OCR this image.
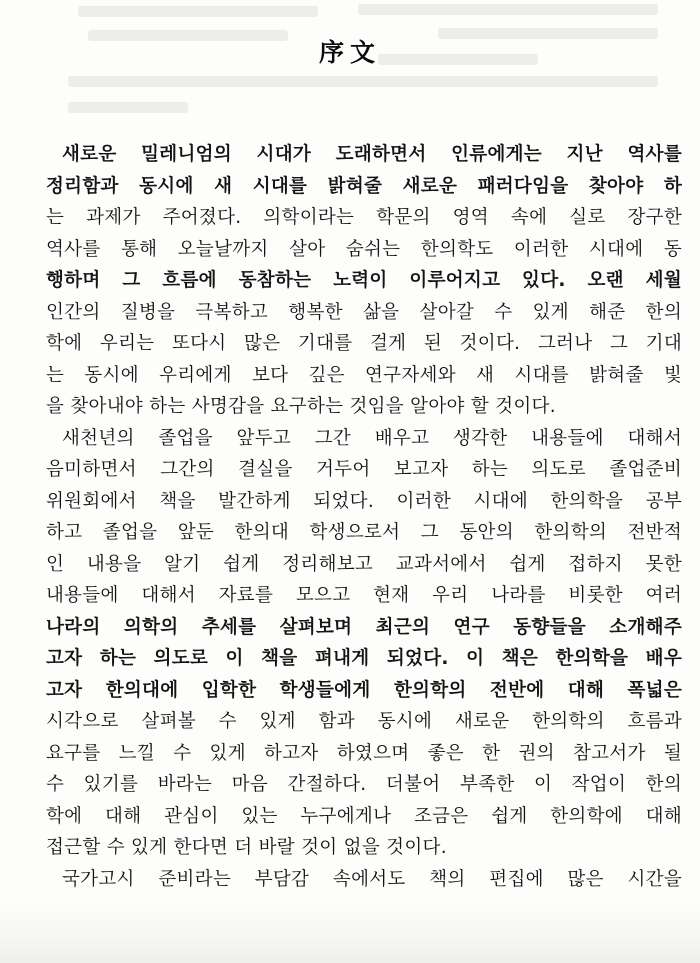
序文
새로운 밀레니엄의 시대가 도래하면서 인류에게는 지난 역사를
정리함과 동시에 새 시대를 밝혀줄 새로운 패러다임을 찾아야 하
는 과제가 주어졌다. 의학이라는 학문의 영역 속에 실로 장구한
역사를 통해 오늘날까지 살아 숨쉬는 한의학도 이러한 시대에 동
행하며 그 흐름에 동참하는 노력이 이루어지고 있다. 오랜 세월
인간의 질병을 극복하고 행복한 삶을 살아갈 수 있게 해준 한의
학에 우리는 또다시 많은 기대를 걸게 된 것이다. 그러나 그 기대
는 동시에 우리에게 보다 깊은 연구자세와 새 시대를 밝혀줄 빛
을 찾아내야 하는 사명감을 요구하는 것임을 알아야 할 것이다.
새천년의 졸업을 앞두고 그간 배우고 생각한 내용들에 대해서
음미하면서 그간의 결실을 거두어 보고자 하는 의도로 졸업준비
위원회에서 책을 발간하게 되었다. 이러한 시대에 한의학을 공부
하고 졸업을 앞둔 한의대 학생으로서 그 동안의 한의학의 전반적
인 내용을 알기 쉽게 정리해보고 교과서에서 쉽게 접하지 못한
내용들에 대해서 자료를 모으고 현재 우리 나라를 비롯한 여러
나라의 의학의 추세를 살펴보며 최근의 연구 동향들을 소개해주
고자 하는 의도로 이 책을 펴내게 되었다. 이 책은 한의학을 배우
고자 한의대에 입학한 학생들에게 한의학의 전반에 대해 폭넓은
시각으로 살펴볼 수 있게 함과 동시에 새로운 한의학의 흐름과
요구를 느낄 수 있게 하고자 하였으며 좋은 한 권의 참고서가 될
수 있기를 바라는 마음 간절하다. 더불어 부족한 이 작업이 한의
학에 대해 관심이 있는 누구에게나 조금은 쉽게 한의학에 대해
접근할 수 있게 한다면 더 바랄 것이 없을 것이다.
국가고시 준비라는 부담감 속에서도 책의 편집에 많은 시간을
